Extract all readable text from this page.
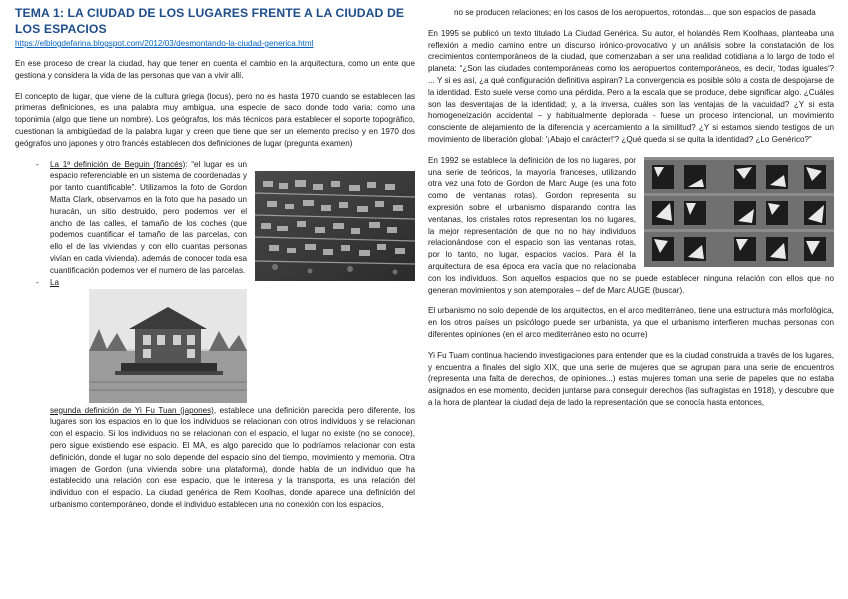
TEMA 1: LA CIUDAD DE LOS LUGARES FRENTE A LA CIUDAD DE LOS ESPACIOS
https://elblogdefarina.blogspot.com/2012/03/desmontando-la-ciudad-generica.html

En ese proceso de crear la ciudad, hay que tener en cuenta el cambio en la arquitectura, como un ente que gestiona y considera la vida de las personas que van a vivir allí.

El concepto de lugar, que viene de la cultura griega (locus), pero no es hasta 1970 cuando se establecen las primeras definiciones, es una palabra muy ambigua, una especie de saco donde todo varia: como una toponimia (algo que tiene un nombre). Los geógrafos, los más técnicos para establecer el soporte topográfico, cuestionan la ambigüedad de la palabra lugar y creen que tiene que ser un elemento preciso y en 1970 dos geógrafos uno japones y otro francés establecen dos definiciones de lugar (pregunta examen)

- La 1ª definición de Beguin (francés): “el lugar es un espacio referenciable en un sistema de coordenadas y por tanto cuantificable”. Utilizamos la foto de Gordon Matta Clark, observamos en la foto que ha pasado un huracán, un sitio destruido, pero podemos ver el ancho de las calles, el tamaño de los coches (que podemos cuantificar el tamaño de las parcelas, con ello el de las viviendas y con ello cuantas personas vivían en cada vivienda). además de conocer toda esa cuantificación podemos ver el numero de las parcelas.
- La segunda definición de Yi Fu Tuan (japones), establece una definición parecida pero diferente, los lugares son los espacios en lo que los individuos se relacionan con otros individuos y se relacionan con el espacio. Si los individuos no se relacionan con el espacio, el lugar no existe (no se conoce), pero sigue existiendo ese espacio. El MA, es algo parecido que lo podríamos relacionar con esta definición, donde el lugar no solo depende del espacio sino del tiempo, movimiento y memoria. Otra imagen de Gordon (una vivienda sobre una plataforma), donde habla de un individuo que ha establecido una relación con ese espacio, que le interesa y la transporta, es una relación del individuo con el espacio. La ciudad genérica de Rem Koolhas, donde aparece una definición del urbanismo contemporáneo, donde el individuo establecen una no conexión con los espacios,

no se producen relaciones; en los casos de los aeropuertos, rotondas... que son espacios de pasada

En 1995 se publicó un texto titulado La Ciudad Genérica. Su autor, el holandés Rem Koolhaas, planteaba una reflexión a medio camino entre un discurso irónico-provocativo y un análisis sobre la constatación de los crecimientos contemporáneos de la ciudad, que comenzaban a ser una realidad cotidiana a lo largo de todo el planeta: “¿Son las ciudades contemporáneas como los aeropuertos contemporáneos, es decir, 'todas iguales'? ... Y si es así, ¿a qué configuración definitiva aspiran? La convergencia es posible sólo a costa de despojarse de la identidad. Esto suele verse como una pérdida. Pero a la escala que se produce, debe significar algo. ¿Cuáles son las desventajas de la identidad; y, a la inversa, cuáles son las ventajas de la vacuidad? ¿Y si esta homogeneización accidental – y habitualmente deplorada - fuese un proceso intencional, un movimiento consciente de alejamiento de la diferencia y acercamiento a la similitud? ¿Y si estamos siendo testigos de un movimiento de liberación global: '¡Abajo el carácter!'? ¿Qué queda si se quita la identidad? ¿Lo Genérico?”

En 1992 se establece la definición de los no lugares, por una serie de teóricos, la mayoría franceses, utilizando otra vez una foto de Gordon de Marc Auge (es una foto como de ventanas rotas). Gordon representa su expresión sobre el urbanismo disparando contra las ventanas, los cristales rotos representan los no lugares, la mejor representación de que no no hay individuos relacionándose con el espacio son las ventanas rotas, por lo tanto, no lugar, espacios vacíos. Para él la arquitectura de esa época era vacía que no relacionaba con los individuos. Son aquellos espacios que no se puede establecer ninguna relación con ellos que no generan movimientos y son atemporales – def de Marc AUGE (buscar).

El urbanismo no solo depende de los arquitectos, en el arco mediterráneo, tiene una estructura más morfológica, en los otros países un psicólogo puede ser urbanista, ya que el urbanismo interfieren muchas personas con diferentes opiniones (en el arco mediterráneo esto no ocurre)

Yi Fu Tuam continua haciendo investigaciones para entender que es la ciudad construida a través de los lugares, y encuentra a finales del siglo XIX, que una serie de mujeres que se agrupan para una serie de encuentros (representa una falta de derechos, de opiniones...) estas mujeres toman una serie de papeles que no estaba asignados en ese momento, deciden juntarse para conseguir derechos (las sufragistas en 1918), y descubre que a la hora de plantear la ciudad deja de lado la representación que se conocía hasta entonces,
